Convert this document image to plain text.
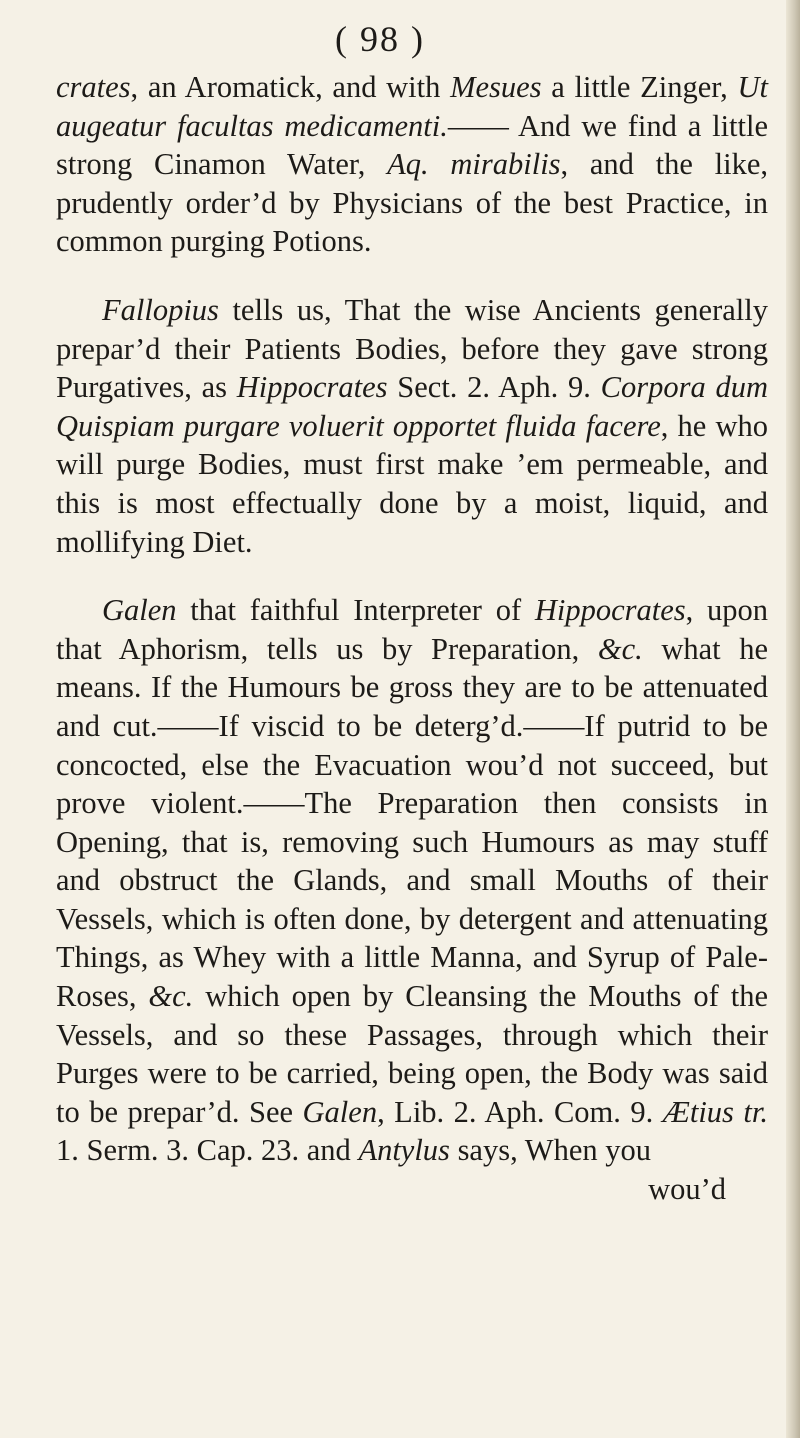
( 98 )

crates, an Aromatick, and with Mesues a little Zinger, Ut augeatur facultas medicamenti.—— And we find a little strong Cinamon Water, Aq. mirabilis, and the like, prudently order’d by Physicians of the best Practice, in common purging Potions.

Fallopius tells us, That the wise Ancients generally prepar’d their Patients Bodies, before they gave strong Purgatives, as Hippocrates Sect. 2. Aph. 9. Corpora dum Quispiam purgare voluerit opportet fluida facere, he who will purge Bodies, must first make ’em permeable, and this is most effectually done by a moist, liquid, and mollifying Diet.

Galen that faithful Interpreter of Hippocrates, upon that Aphorism, tells us by Preparation, &c. what he means. If the Humours be gross they are to be attenuated and cut.——If viscid to be deterg’d.——If putrid to be concocted, else the Evacuation wou’d not succeed, but prove violent.——The Preparation then consists in Opening, that is, removing such Humours as may stuff and obstruct the Glands, and small Mouths of their Vessels, which is often done, by detergent and attenuating Things, as Whey with a little Manna, and Syrup of Pale-Roses, &c. which open by Cleansing the Mouths of the Vessels, and so these Passages, through which their Purges were to be carried, being open, the Body was said to be prepar’d. See Galen, Lib. 2. Aph. Com. 9. Ætius tr. 1. Serm. 3. Cap. 23. and Antylus says, When you

wou’d
